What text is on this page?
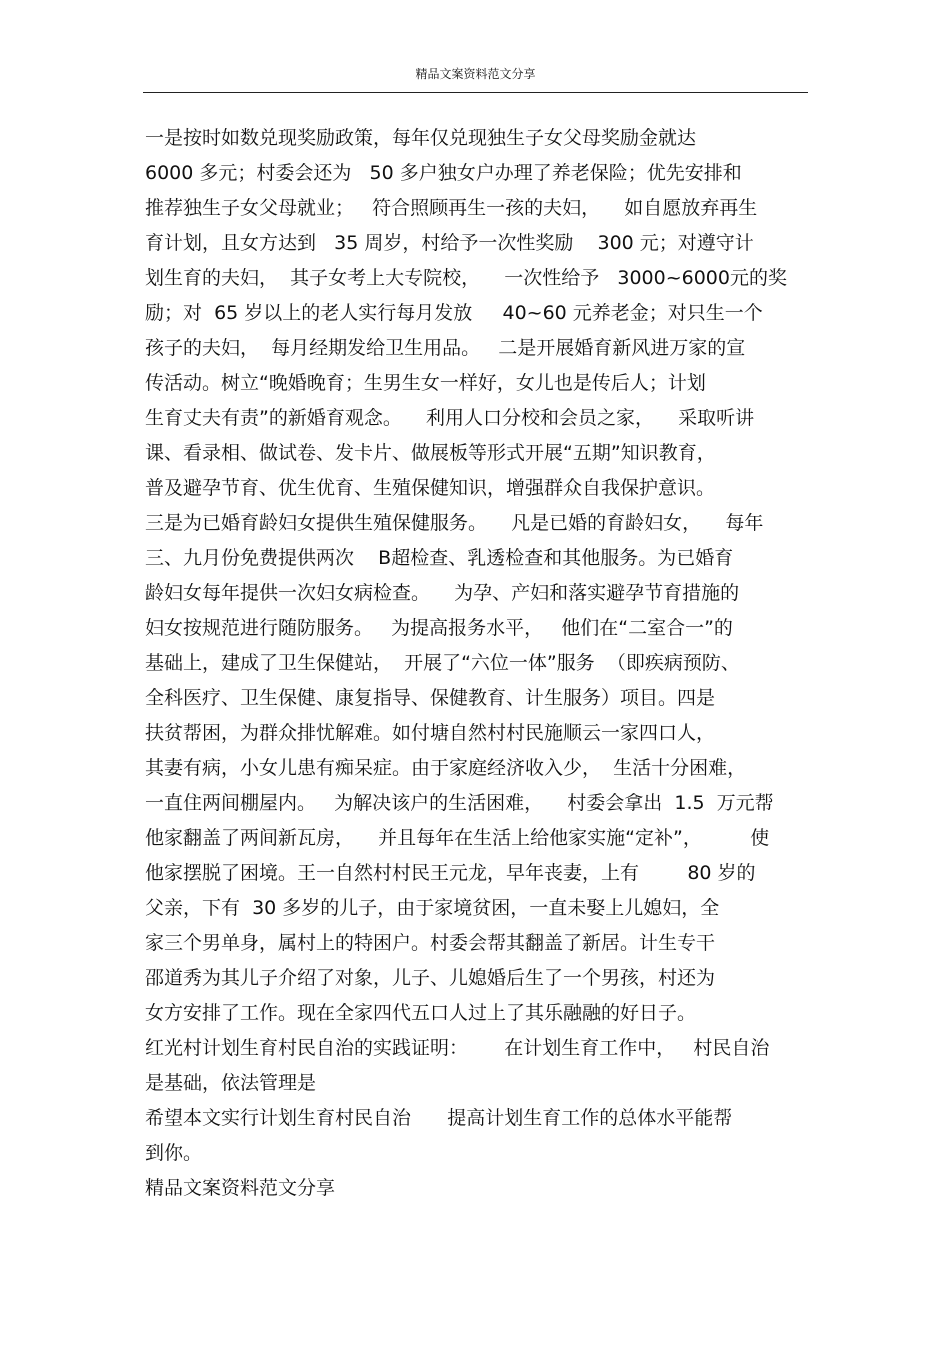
精品文案资料范文分享
一是按时如数兑现奖励政策，每年仅兑现独生子女父母奖励金就达
6000 多元；村委会还为   50 多户独女户办理了养老保险；优先安排和
推荐独生子女父母就业；   符合照顾再生一孩的夫妇，    如自愿放弃再生
育计划，且女方达到   35 周岁，村给予一次性奖励    300 元；对遵守计
划生育的夫妇，  其子女考上大专院校，    一次性给予   3000~6000元的奖
励；对  65 岁以上的老人实行每月发放     40~60 元养老金；对只生一个
孩子的夫妇，  每月经期发给卫生用品。   二是开展婚育新风进万家的宣
传活动。树立“晚婚晚育；生男生女一样好，女儿也是传后人；计划
生育丈夫有责”的新婚育观念。    利用人口分校和会员之家，    采取听讲
课、看录相、做试卷、发卡片、做展板等形式开展“五期”知识教育，
普及避孕节育、优生优育、生殖保健知识，增强群众自我保护意识。
三是为已婚育龄妇女提供生殖保健服务。    凡是已婚的育龄妇女，    每年
三、九月份免费提供两次    B超检查、乳透检查和其他服务。为已婚育
龄妇女每年提供一次妇女病检查。    为孕、产妇和落实避孕节育措施的
妇女按规范进行随防服务。   为提高报务水平，   他们在“二室合一”的
基础上，建成了卫生保健站，  开展了“六位一体”服务  （即疾病预防、
全科医疗、卫生保健、康复指导、保健教育、计生服务）项目。四是
扶贫帮困，为群众排忧解难。如付塘自然村村民施顺云一家四口人，
其妻有病，小女儿患有痴呆症。由于家庭经济收入少，  生活十分困难，
一直住两间棚屋内。   为解决该户的生活困难，    村委会拿出  1.5  万元帮
他家翻盖了两间新瓦房，    并且每年在生活上给他家实施“定补”，        使
他家摆脱了困境。王一自然村村民王元龙，早年丧妻，上有        80 岁的
父亲，下有  30 多岁的儿子，由于家境贫困，一直未娶上儿媳妇，全
家三个男单身，属村上的特困户。村委会帮其翻盖了新居。计生专干
邵道秀为其儿子介绍了对象，儿子、儿媳婚后生了一个男孩，村还为
女方安排了工作。现在全家四代五口人过上了其乐融融的好日子。
红光村计划生育村民自治的实践证明：      在计划生育工作中，   村民自治
是基础，依法管理是
希望本文实行计划生育村民自治      提高计划生育工作的总体水平能帮
到你。
精品文案资料范文分享
